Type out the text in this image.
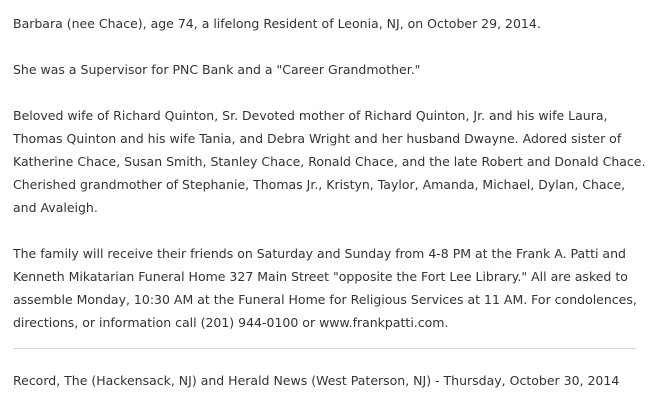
Barbara (nee Chace), age 74, a lifelong Resident of Leonia, NJ, on October 29, 2014.

She was a Supervisor for PNC Bank and a "Career Grandmother."

Beloved wife of Richard Quinton, Sr. Devoted mother of Richard Quinton, Jr. and his wife Laura,
Thomas Quinton and his wife Tania, and Debra Wright and her husband Dwayne. Adored sister of
Katherine Chace, Susan Smith, Stanley Chace, Ronald Chace, and the late Robert and Donald Chace.
Cherished grandmother of Stephanie, Thomas Jr., Kristyn, Taylor, Amanda, Michael, Dylan, Chace,
and Avaleigh.

The family will receive their friends on Saturday and Sunday from 4-8 PM at the Frank A. Patti and
Kenneth Mikatarian Funeral Home 327 Main Street "opposite the Fort Lee Library." All are asked to
assemble Monday, 10:30 AM at the Funeral Home for Religious Services at 11 AM. For condolences,
directions, or information call (201) 944-0100 or www.frankpatti.com.

Record, The (Hackensack, NJ) and Herald News (West Paterson, NJ) - Thursday, October 30, 2014
